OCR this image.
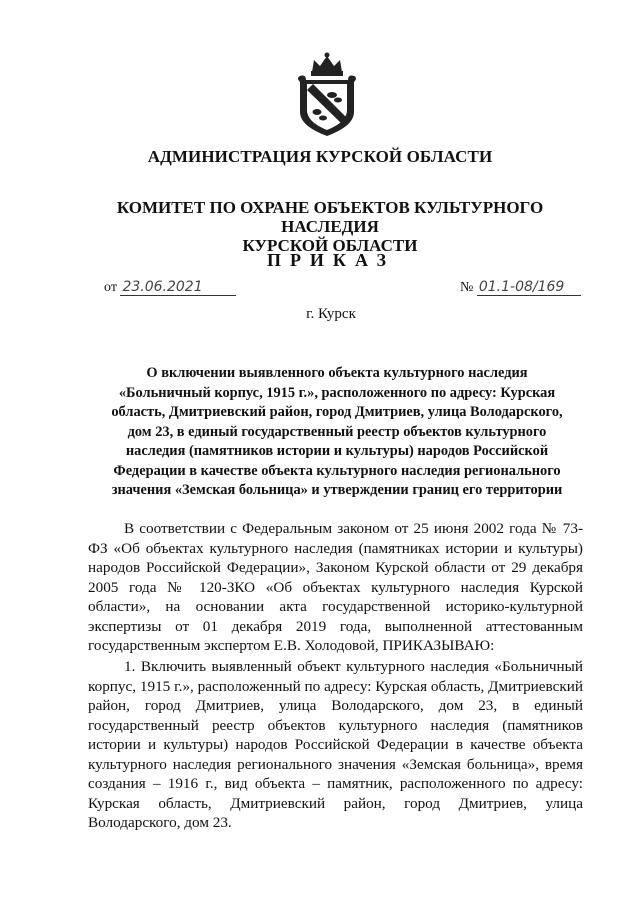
АДМИНИСТРАЦИЯ КУРСКОЙ ОБЛАСТИ
КОМИТЕТ ПО ОХРАНЕ ОБЪЕКТОВ КУЛЬТУРНОГО НАСЛЕДИЯ
КУРСКОЙ ОБЛАСТИ
ПРИКАЗ
от 23.06.2021	№ 01.1-08/169
г. Курск
О включении выявленного объекта культурного наследия «Больничный корпус, 1915 г.», расположенного по адресу: Курская область, Дмитриевский район, город Дмитриев, улица Володарского, дом 23, в единый государственный реестр объектов культурного наследия (памятников истории и культуры) народов Российской Федерации в качестве объекта культурного наследия регионального значения «Земская больница» и утверждении границ его территории
В соответствии с Федеральным законом от 25 июня 2002 года № 73-ФЗ «Об объектах культурного наследия (памятниках истории и культуры) народов Российской Федерации», Законом Курской области от 29 декабря 2005 года № 120-ЗКО «Об объектах культурного наследия Курской области», на основании акта государственной историко-культурной экспертизы от 01 декабря 2019 года, выполненной аттестованным государственным экспертом Е.В. Холодовой, ПРИКАЗЫВАЮ:
1. Включить выявленный объект культурного наследия «Больничный корпус, 1915 г.», расположенный по адресу: Курская область, Дмитриевский район, город Дмитриев, улица Володарского, дом 23, в единый государственный реестр объектов культурного наследия (памятников истории и культуры) народов Российской Федерации в качестве объекта культурного наследия регионального значения «Земская больница», время создания – 1916 г., вид объекта – памятник, расположенного по адресу: Курская область, Дмитриевский район, город Дмитриев, улица Володарского, дом 23.
